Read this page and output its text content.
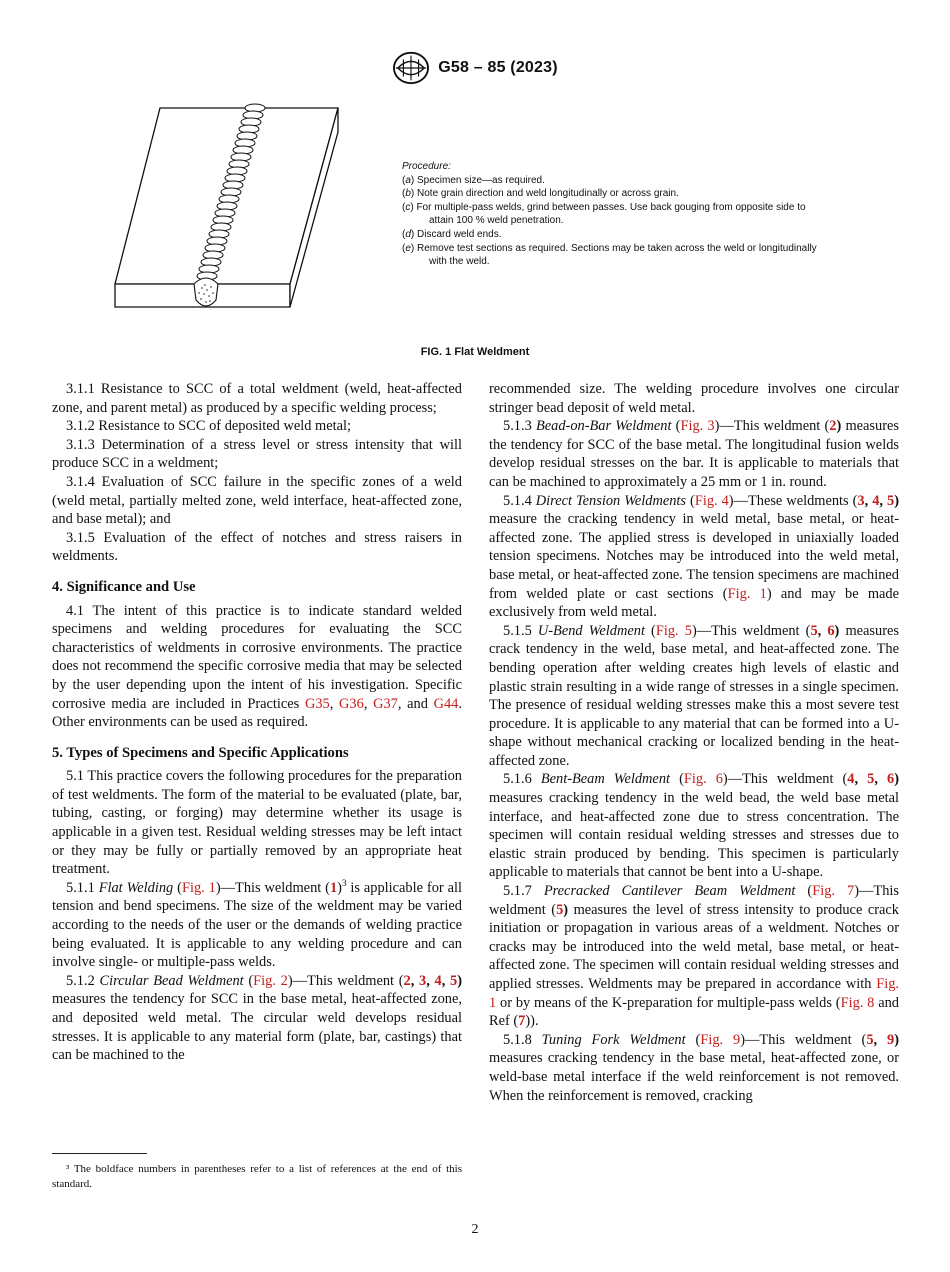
G58 – 85 (2023)
Procedure:
(a) Specimen size—as required.
(b) Note grain direction and weld longitudinally or across grain.
(c) For multiple-pass welds, grind between passes. Use back gouging from opposite side to attain 100 % weld penetration.
(d) Discard weld ends.
(e) Remove test sections as required. Sections may be taken across the weld or longitudinally with the weld.
FIG. 1 Flat Weldment

3.1.1 Resistance to SCC of a total weldment (weld, heat-affected zone, and parent metal) as produced by a specific welding process;

3.1.2 Resistance to SCC of deposited weld metal;

3.1.3 Determination of a stress level or stress intensity that will produce SCC in a weldment;

3.1.4 Evaluation of SCC failure in the specific zones of a weld (weld metal, partially melted zone, weld interface, heat-affected zone, and base metal); and

3.1.5 Evaluation of the effect of notches and stress raisers in weldments.

4. Significance and Use

4.1 The intent of this practice is to indicate standard welded specimens and welding procedures for evaluating the SCC characteristics of weldments in corrosive environments. The practice does not recommend the specific corrosive media that may be selected by the user depending upon the intent of his investigation. Specific corrosive media are included in Practices G35, G36, G37, and G44. Other environments can be used as required.

5. Types of Specimens and Specific Applications

5.1 This practice covers the following procedures for the preparation of test weldments. The form of the material to be evaluated (plate, bar, tubing, casting, or forging) may determine whether its usage is applicable in a given test. Residual welding stresses may be left intact or they may be fully or partially removed by an appropriate heat treatment.

5.1.1 Flat Welding (Fig. 1)—This weldment $(1)^3$ is applicable for all tension and bend specimens. The size of the weldment may be varied according to the needs of the user or the demands of welding practice being evaluated. It is applicable to any welding procedure and can involve single- or multiple-pass welds.

5.1.2 Circular Bead Weldment (Fig. 2)—This weldment (2, 3, 4, 5) measures the tendency for SCC in the base metal, heat-affected zone, and deposited weld metal. The circular weld develops residual stresses. It is applicable to any material form (plate, bar, castings) that can be machined to the

recommended size. The welding procedure involves one circular stringer bead deposit of weld metal.

5.1.3 Bead-on-Bar Weldment (Fig. 3)—This weldment (2) measures the tendency for SCC of the base metal. The longitudinal fusion welds develop residual stresses on the bar. It is applicable to materials that can be machined to approximately a 25 mm or 1 in. round.

5.1.4 Direct Tension Weldments (Fig. 4)—These weldments (3, 4, 5) measure the cracking tendency in weld metal, base metal, or heat-affected zone. The applied stress is developed in uniaxially loaded tension specimens. Notches may be introduced into the weld metal, base metal, or heat-affected zone. The tension specimens are machined from welded plate or cast sections (Fig. 1) and may be made exclusively from weld metal.

5.1.5 U-Bend Weldment (Fig. 5)—This weldment (5, 6) measures crack tendency in the weld, base metal, and heat-affected zone. The bending operation after welding creates high levels of elastic and plastic strain resulting in a wide range of stresses in a single specimen. The presence of residual welding stresses make this a most severe test procedure. It is applicable to any material that can be formed into a U-shape without mechanical cracking or localized bending in the heat-affected zone.

5.1.6 Bent-Beam Weldment (Fig. 6)—This weldment (4, 5, 6) measures cracking tendency in the weld bead, the weld base metal interface, and heat-affected zone due to stress concentration. The specimen will contain residual welding stresses and stresses due to elastic strain produced by bending. This specimen is particularly applicable to materials that cannot be bent into a U-shape.

5.1.7 Precracked Cantilever Beam Weldment (Fig. 7)—This weldment (5) measures the level of stress intensity to produce crack initiation or propagation in various areas of a weldment. Notches or cracks may be introduced into the weld metal, base metal, or heat-affected zone. The specimen will contain residual welding stresses and applied stresses. Weldments may be prepared in accordance with Fig. 1 or by means of the K-preparation for multiple-pass welds (Fig. 8 and Ref (7)).

5.1.8 Tuning Fork Weldment (Fig. 9)—This weldment (5, 9) measures cracking tendency in the base metal, heat-affected zone, or weld-base metal interface if the weld reinforcement is not removed. When the reinforcement is removed, cracking

³ The boldface numbers in parentheses refer to a list of references at the end of this standard.

2
